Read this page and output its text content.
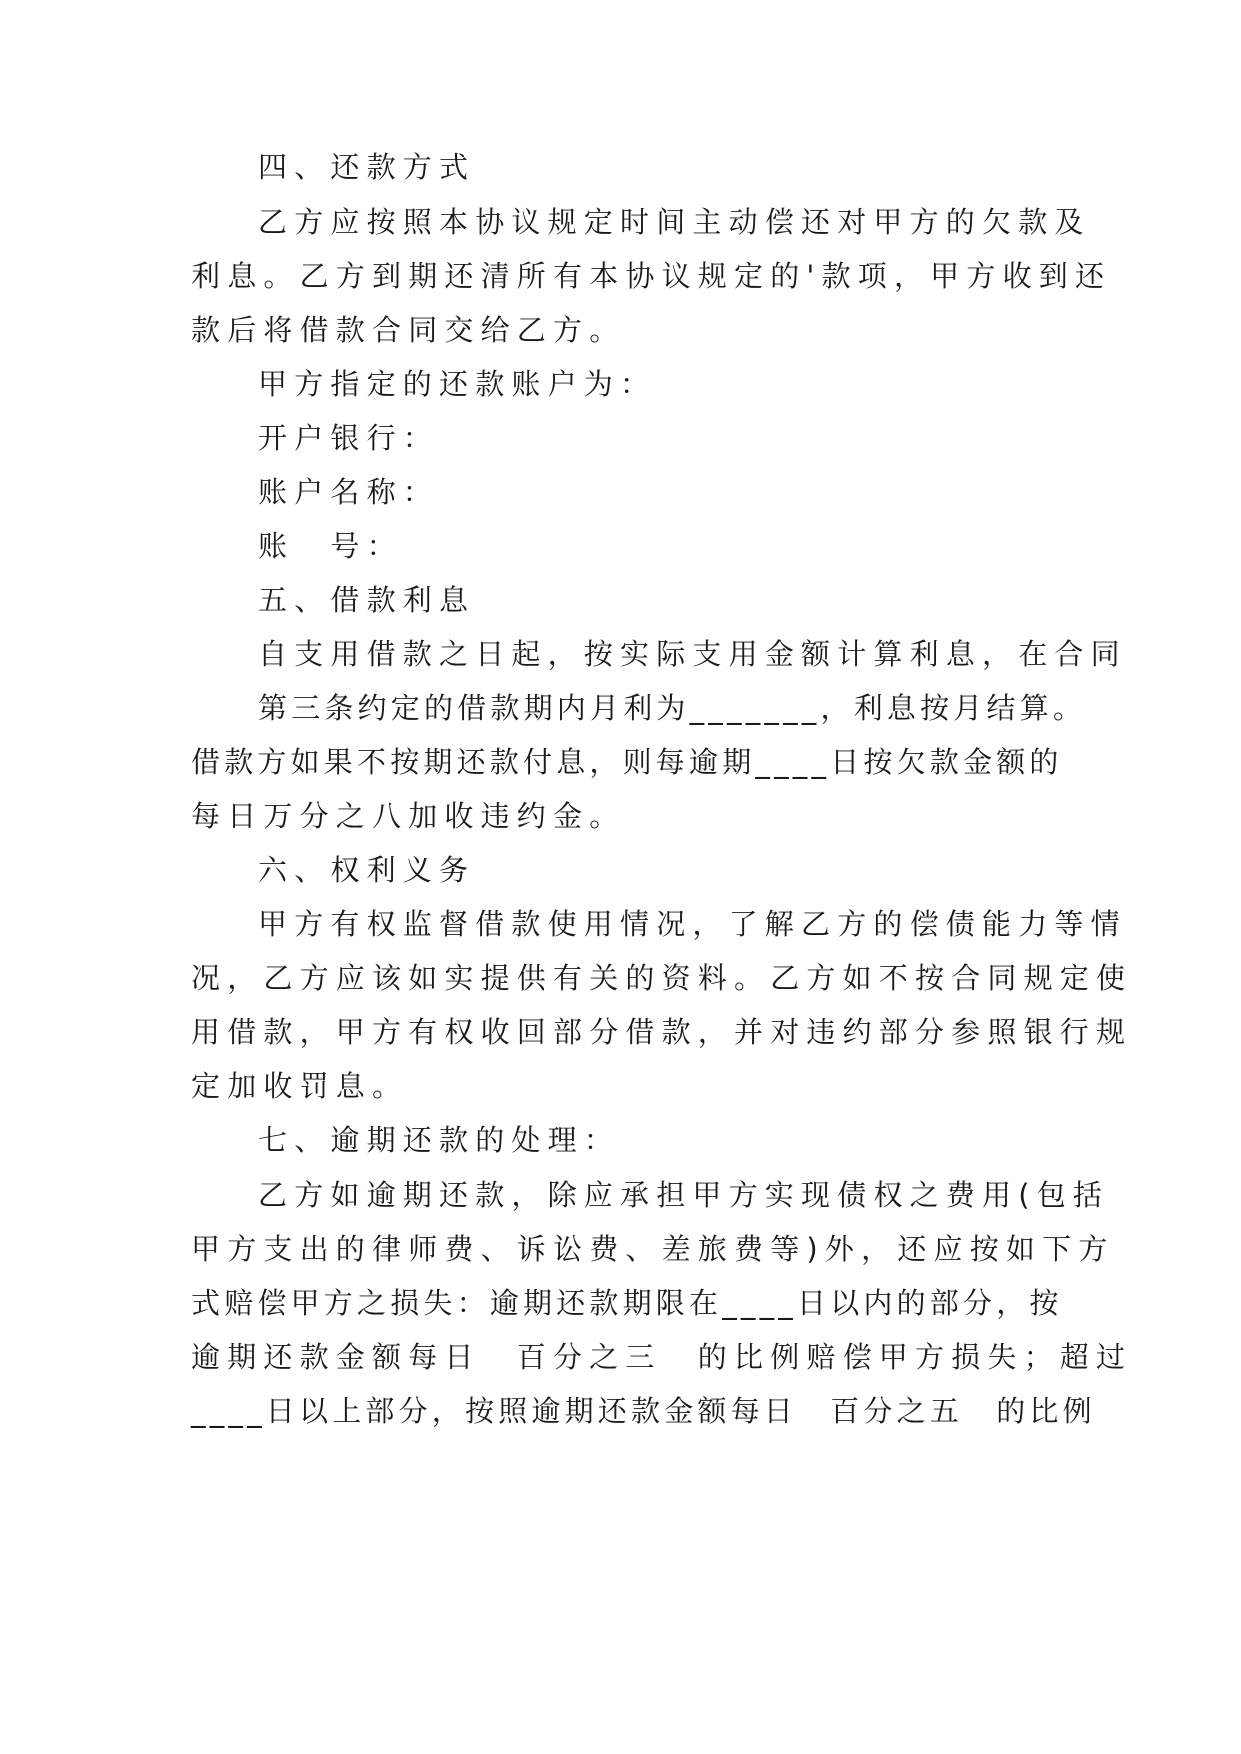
四、还款方式
乙方应按照本协议规定时间主动偿还对甲方的欠款及
利息。乙方到期还清所有本协议规定的'款项，甲方收到还
款后将借款合同交给乙方。
甲方指定的还款账户为：
开户银行：
账户名称：
账　号：
五、借款利息
自支用借款之日起，按实际支用金额计算利息，在合同
第三条约定的借款期内月利为_______，利息按月结算。
借款方如果不按期还款付息，则每逾期____日按欠款金额的
每日万分之八加收违约金。
六、权利义务
甲方有权监督借款使用情况，了解乙方的偿债能力等情
况，乙方应该如实提供有关的资料。乙方如不按合同规定使
用借款，甲方有权收回部分借款，并对违约部分参照银行规
定加收罚息。
七、逾期还款的处理：
乙方如逾期还款，除应承担甲方实现债权之费用(包括
甲方支出的律师费、诉讼费、差旅费等)外，还应按如下方
式赔偿甲方之损失：逾期还款期限在____日以内的部分，按
逾期还款金额每日　百分之三　的比例赔偿甲方损失；超过
____日以上部分，按照逾期还款金额每日　百分之五　的比例
